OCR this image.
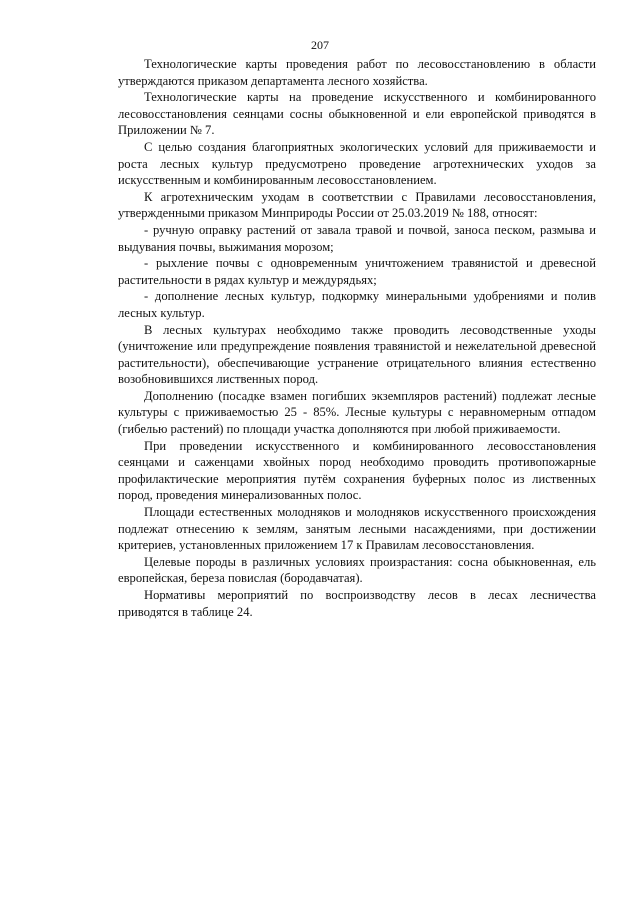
207

Технологические карты проведения работ по лесовосстановлению в области утверждаются приказом департамента лесного хозяйства.

Технологические карты на проведение искусственного и комбинированного лесовосстановления сеянцами сосны обыкновенной и ели европейской приводятся в Приложении № 7.

С целью создания благоприятных экологических условий для приживаемости и роста лесных культур предусмотрено проведение агротехнических уходов за искусственным и комбинированным лесовосстановлением.

К агротехническим уходам в соответствии с Правилами лесовосстановления, утвержденными приказом Минприроды России от 25.03.2019 № 188, относят:

- ручную оправку растений от завала травой и почвой, заноса песком, размыва и выдувания почвы, выжимания морозом;

- рыхление почвы с одновременным уничтожением травянистой и древесной растительности в рядах культур и междурядьях;

- дополнение лесных культур, подкормку минеральными удобрениями и полив лесных культур.

В лесных культурах необходимо также проводить лесоводственные уходы (уничтожение или предупреждение появления травянистой и нежелательной древесной растительности), обеспечивающие устранение отрицательного влияния естественно возобновившихся лиственных пород.

Дополнению (посадке взамен погибших экземпляров растений) подлежат лесные культуры с приживаемостью 25 - 85%. Лесные культуры с неравномерным отпадом (гибелью растений) по площади участка дополняются при любой приживаемости.

При проведении искусственного и комбинированного лесовосстановления сеянцами и саженцами хвойных пород необходимо проводить противопожарные профилактические мероприятия путём сохранения буферных полос из лиственных пород, проведения минерализованных полос.

Площади естественных молодняков и молодняков искусственного происхождения подлежат отнесению к землям, занятым лесными насаждениями, при достижении критериев, установленных приложением 17 к Правилам лесовосстановления.

Целевые породы в различных условиях произрастания: сосна обыкновенная, ель европейская, береза повислая (бородавчатая).

Нормативы мероприятий по воспроизводству лесов в лесах лесничества приводятся в таблице 24.
